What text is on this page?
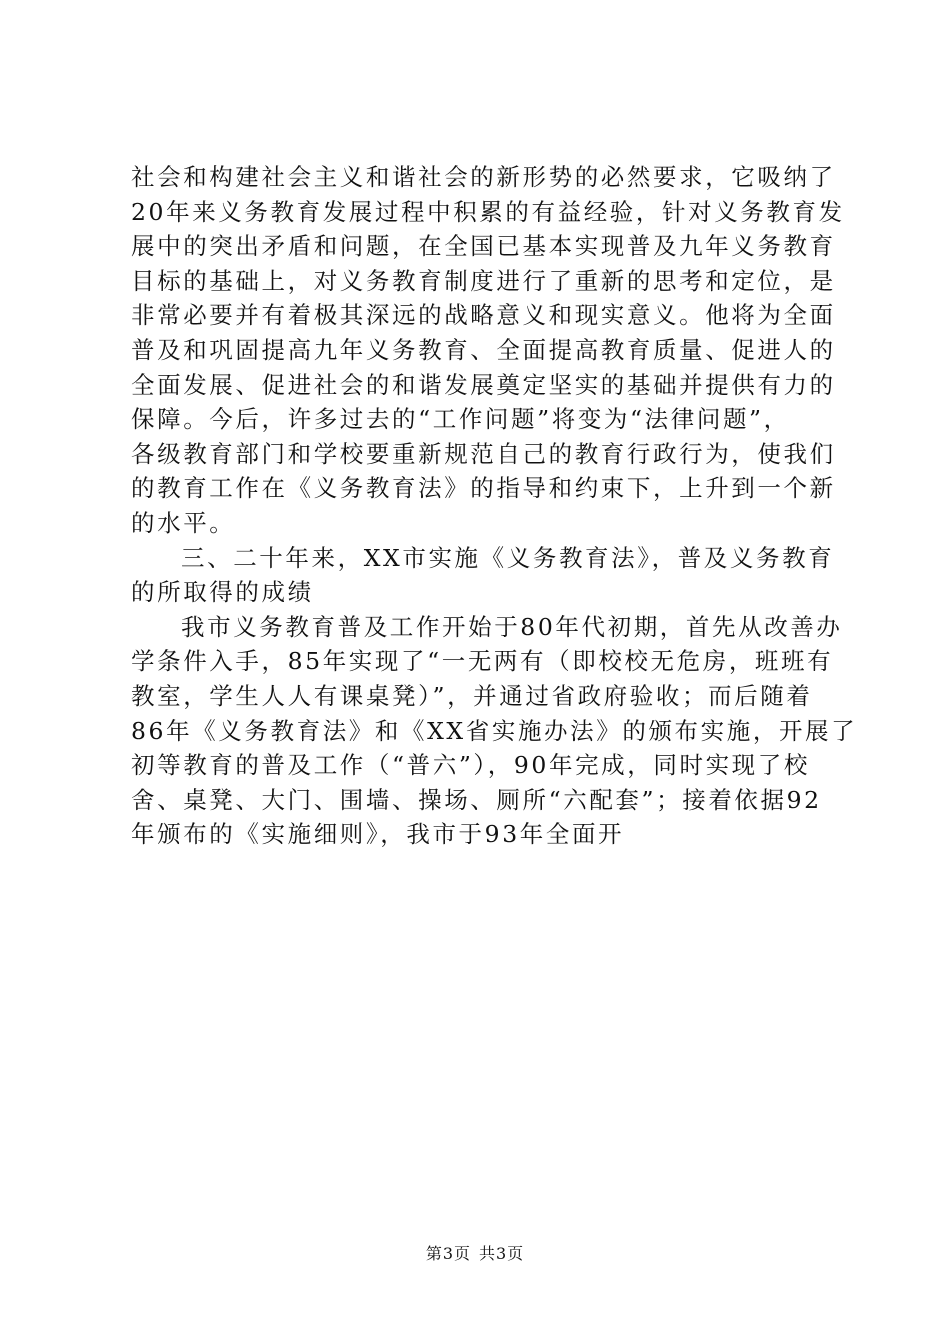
社会和构建社会主义和谐社会的新形势的必然要求，它吸纳了
20年来义务教育发展过程中积累的有益经验，针对义务教育发
展中的突出矛盾和问题，在全国已基本实现普及九年义务教育
目标的基础上，对义务教育制度进行了重新的思考和定位，是
非常必要并有着极其深远的战略意义和现实意义。他将为全面
普及和巩固提高九年义务教育、全面提高教育质量、促进人的
全面发展、促进社会的和谐发展奠定坚实的基础并提供有力的
保障。今后，许多过去的“工作问题”将变为“法律问题”，
各级教育部门和学校要重新规范自己的教育行政行为，使我们
的教育工作在《义务教育法》的指导和约束下，上升到一个新
的水平。
三、二十年来，XX市实施《义务教育法》，普及义务教育
的所取得的成绩
我市义务教育普及工作开始于80年代初期，首先从改善办
学条件入手，85年实现了“一无两有（即校校无危房，班班有
教室，学生人人有课桌凳）”，并通过省政府验收；而后随着
86年《义务教育法》和《XX省实施办法》的颁布实施，开展了
初等教育的普及工作（“普六”），90年完成，同时实现了校
舍、桌凳、大门、围墙、操场、厕所“六配套”；接着依据92
年颁布的《实施细则》，我市于93年全面开
第3页 共3页
